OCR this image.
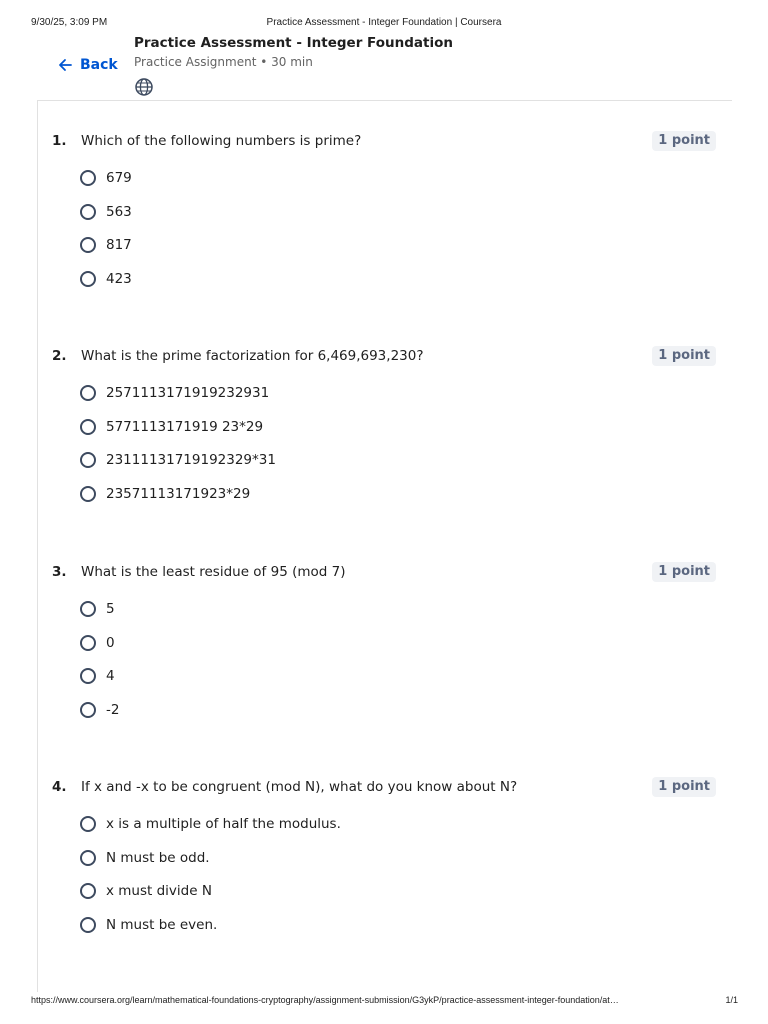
9/30/25, 3:09 PM	Practice Assessment - Integer Foundation | Coursera
Back
Practice Assessment - Integer Foundation
Practice Assignment • 30 min
1. Which of the following numbers is prime?	1 point
679
563
817
423
2. What is the prime factorization for 6,469,693,230?	1 point
2571113171919232931
5771113171919 23*29
23111131719192329*31
23571113171923*29
3. What is the least residue of 95 (mod 7)	1 point
5
0
4
-2
4. If x and -x to be congruent (mod N), what do you know about N?	1 point
x is a multiple of half the modulus.
N must be odd.
x must divide N
N must be even.
https://www.coursera.org/learn/mathematical-foundations-cryptography/assignment-submission/G3ykP/practice-assessment-integer-foundation/at…	1/1
